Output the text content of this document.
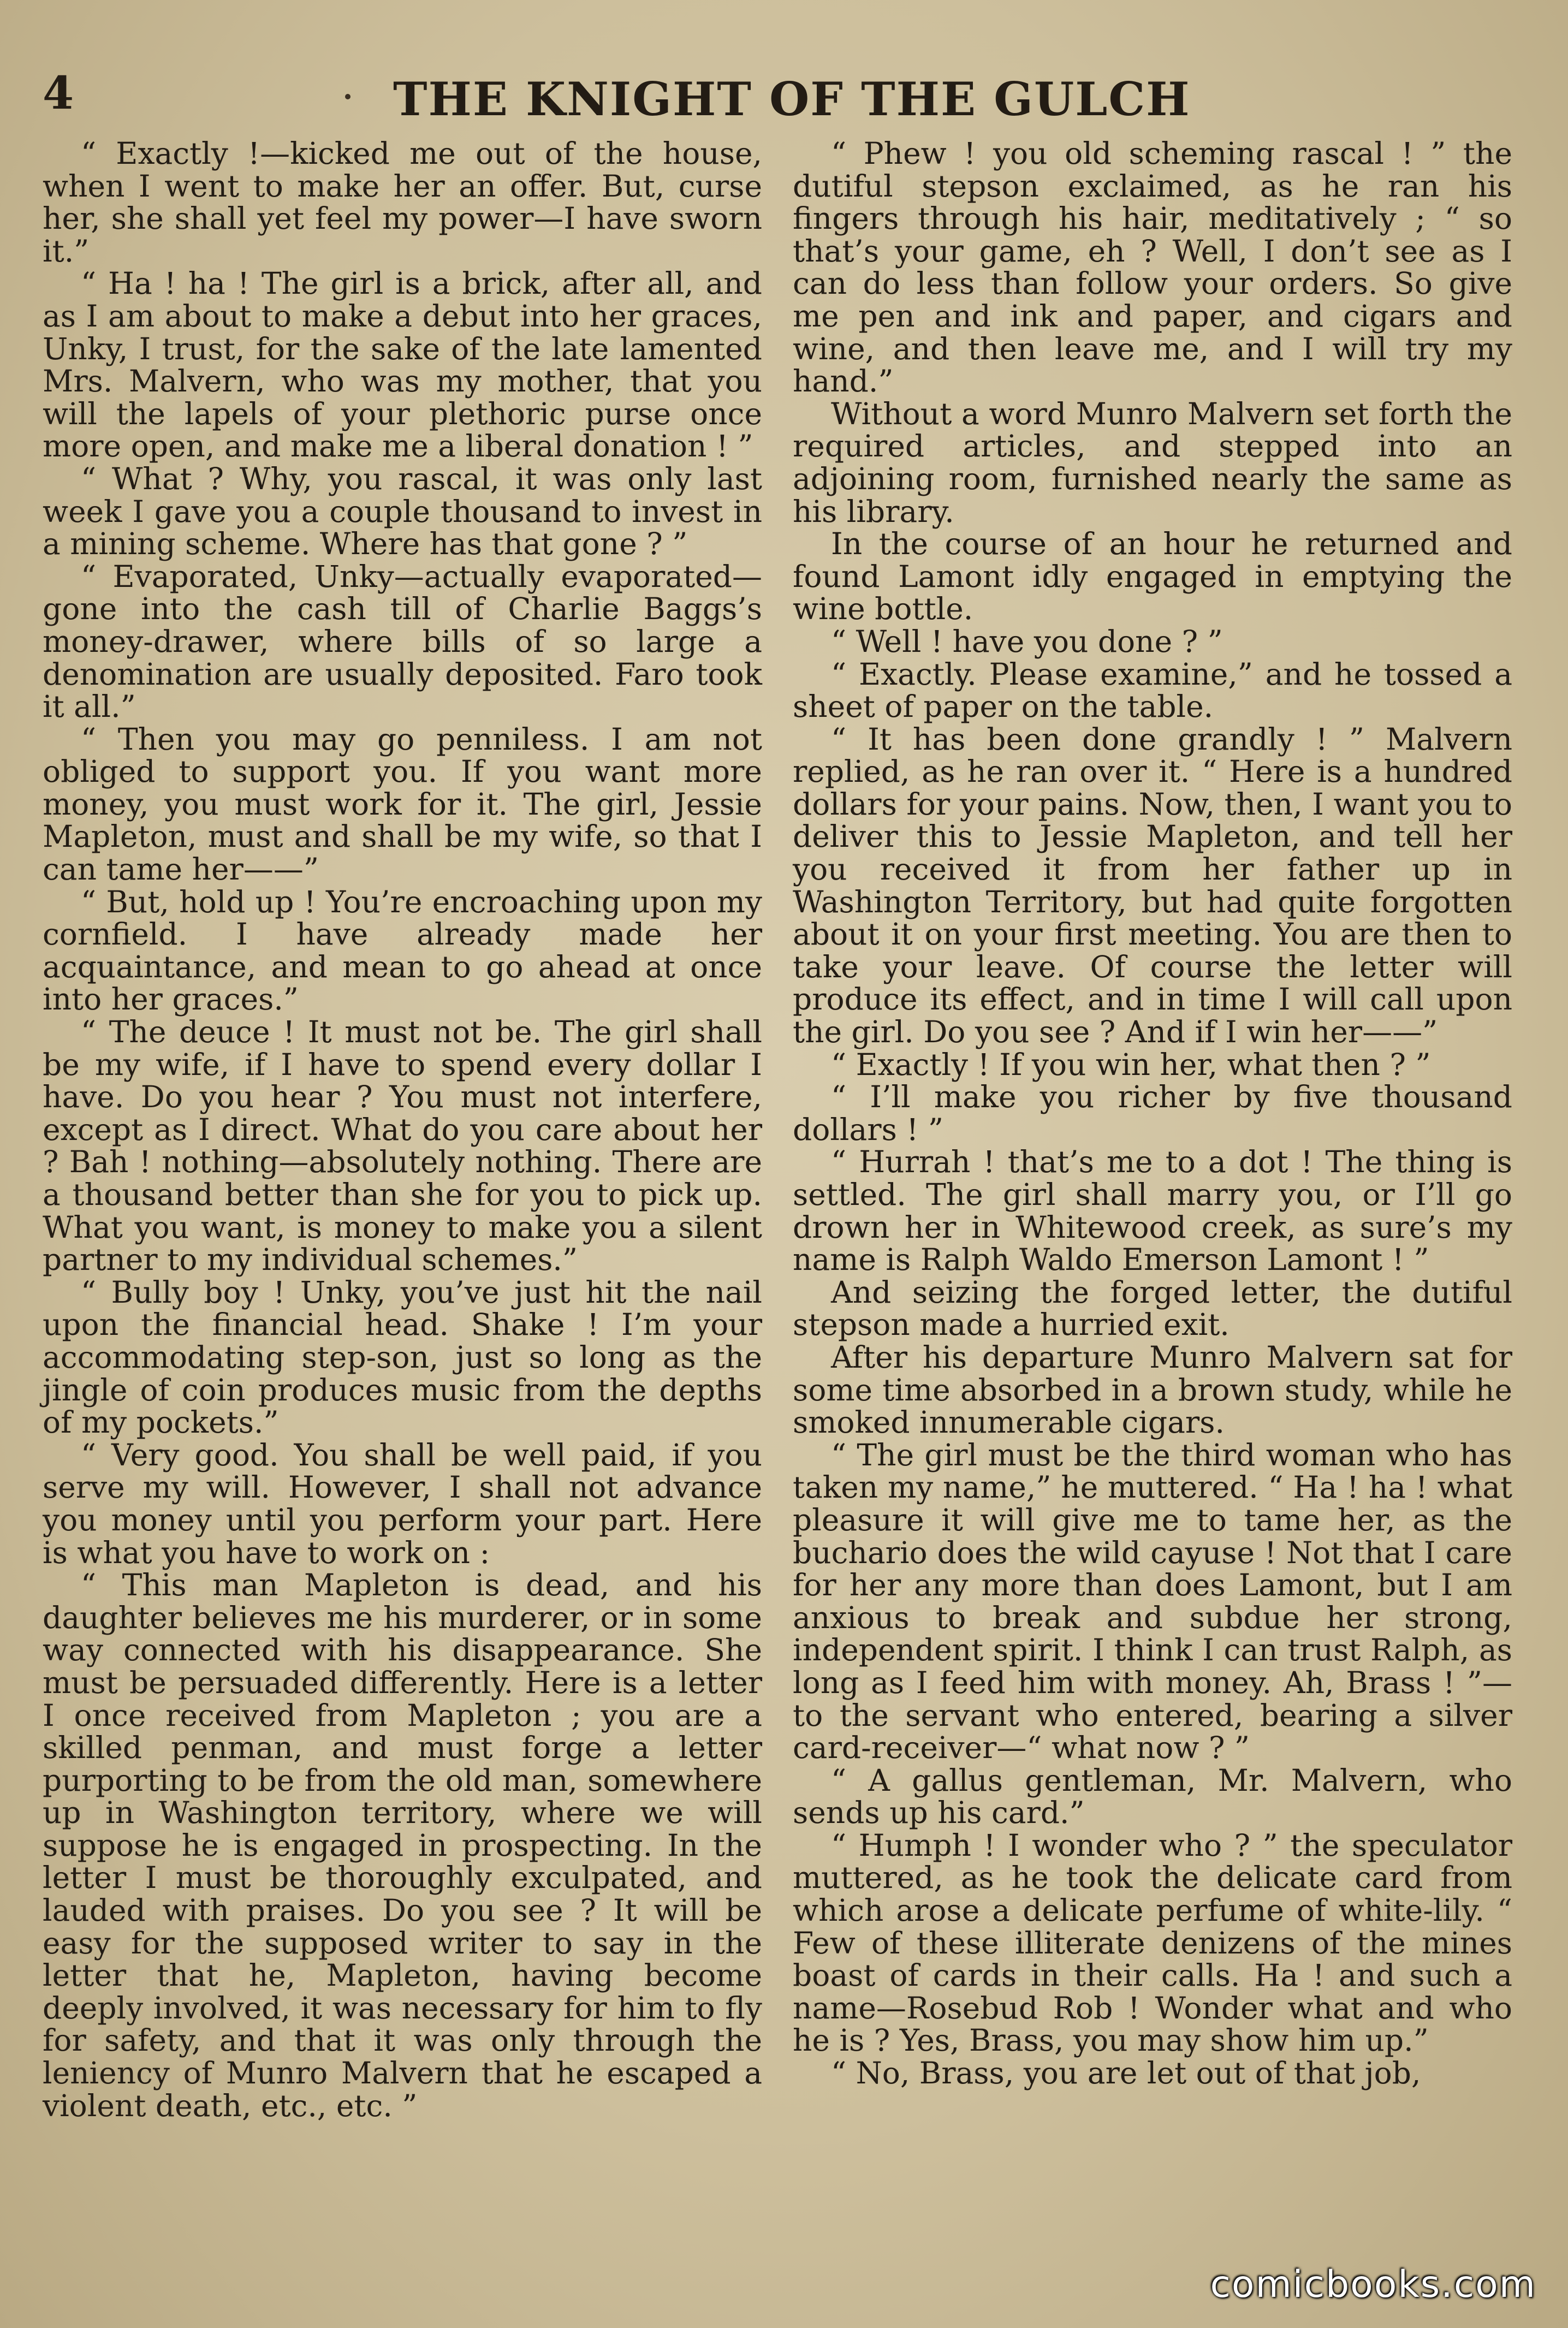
4	THE KNIGHT OF THE GULCH

“ Exactly !—kicked me out of the house, when I went to make her an offer. But, curse her, she shall yet feel my power—I have sworn it.”

“ Ha ! ha ! The girl is a brick, after all, and as I am about to make a debut into her graces, Unky, I trust, for the sake of the late lamented Mrs. Malvern, who was my mother, that you will the lapels of your plethoric purse once more open, and make me a liberal donation ! ”

“ What ? Why, you rascal, it was only last week I gave you a couple thousand to invest in a mining scheme. Where has that gone ? ”

“ Evaporated, Unky—actually evaporated—gone into the cash till of Charlie Baggs’s money-drawer, where bills of so large a denomination are usually deposited. Faro took it all.”

“ Then you may go penniless. I am not obliged to support you. If you want more money, you must work for it. The girl, Jessie Mapleton, must and shall be my wife, so that I can tame her——”

“ But, hold up ! You’re encroaching upon my cornfield. I have already made her acquaintance, and mean to go ahead at once into her graces.”

“ The deuce ! It must not be. The girl shall be my wife, if I have to spend every dollar I have. Do you hear ? You must not interfere, except as I direct. What do you care about her ? Bah ! nothing—absolutely nothing. There are a thousand better than she for you to pick up. What you want, is money to make you a silent partner to my individual schemes.”

“ Bully boy ! Unky, you’ve just hit the nail upon the financial head. Shake ! I’m your accommodating step-son, just so long as the jingle of coin produces music from the depths of my pockets.”

“ Very good. You shall be well paid, if you serve my will. However, I shall not advance you money until you perform your part. Here is what you have to work on :

“ This man Mapleton is dead, and his daughter believes me his murderer, or in some way connected with his disappearance. She must be persuaded differently. Here is a letter I once received from Mapleton ; you are a skilled penman, and must forge a letter purporting to be from the old man, somewhere up in Washington territory, where we will suppose he is engaged in prospecting. In the letter I must be thoroughly exculpated, and lauded with praises. Do you see ? It will be easy for the supposed writer to say in the letter that he, Mapleton, having become deeply involved, it was necessary for him to fly for safety, and that it was only through the leniency of Munro Malvern that he escaped a violent death, etc., etc. ”

“ Phew ! you old scheming rascal ! ” the dutiful stepson exclaimed, as he ran his fingers through his hair, meditatively ; “ so that’s your game, eh ? Well, I don’t see as I can do less than follow your orders. So give me pen and ink and paper, and cigars and wine, and then leave me, and I will try my hand.”

Without a word Munro Malvern set forth the required articles, and stepped into an adjoining room, furnished nearly the same as his library.

In the course of an hour he returned and found Lamont idly engaged in emptying the wine bottle.

“ Well ! have you done ? ”

“ Exactly. Please examine,” and he tossed a sheet of paper on the table.

“ It has been done grandly ! ” Malvern replied, as he ran over it. “ Here is a hundred dollars for your pains. Now, then, I want you to deliver this to Jessie Mapleton, and tell her you received it from her father up in Washington Territory, but had quite forgotten about it on your first meeting. You are then to take your leave. Of course the letter will produce its effect, and in time I will call upon the girl. Do you see ? And if I win her——”

“ Exactly ! If you win her, what then ? ”

“ I’ll make you richer by five thousand dollars ! ”

“ Hurrah ! that’s me to a dot ! The thing is settled. The girl shall marry you, or I’ll go drown her in Whitewood creek, as sure’s my name is Ralph Waldo Emerson Lamont ! ”

And seizing the forged letter, the dutiful stepson made a hurried exit.

After his departure Munro Malvern sat for some time absorbed in a brown study, while he smoked innumerable cigars.

“ The girl must be the third woman who has taken my name,” he muttered. “ Ha ! ha ! what pleasure it will give me to tame her, as the buchario does the wild cayuse ! Not that I care for her any more than does Lamont, but I am anxious to break and subdue her strong, independent spirit. I think I can trust Ralph, as long as I feed him with money. Ah, Brass ! ”—to the servant who entered, bearing a silver card-receiver—“ what now ? ”

“ A gallus gentleman, Mr. Malvern, who sends up his card.”

“ Humph ! I wonder who ? ” the speculator muttered, as he took the delicate card from which arose a delicate perfume of white-lily. “ Few of these illiterate denizens of the mines boast of cards in their calls. Ha ! and such a name—Rosebud Rob ! Wonder what and who he is ? Yes, Brass, you may show him up.”

“ No, Brass, you are let out of that job,

comicbooks.com
